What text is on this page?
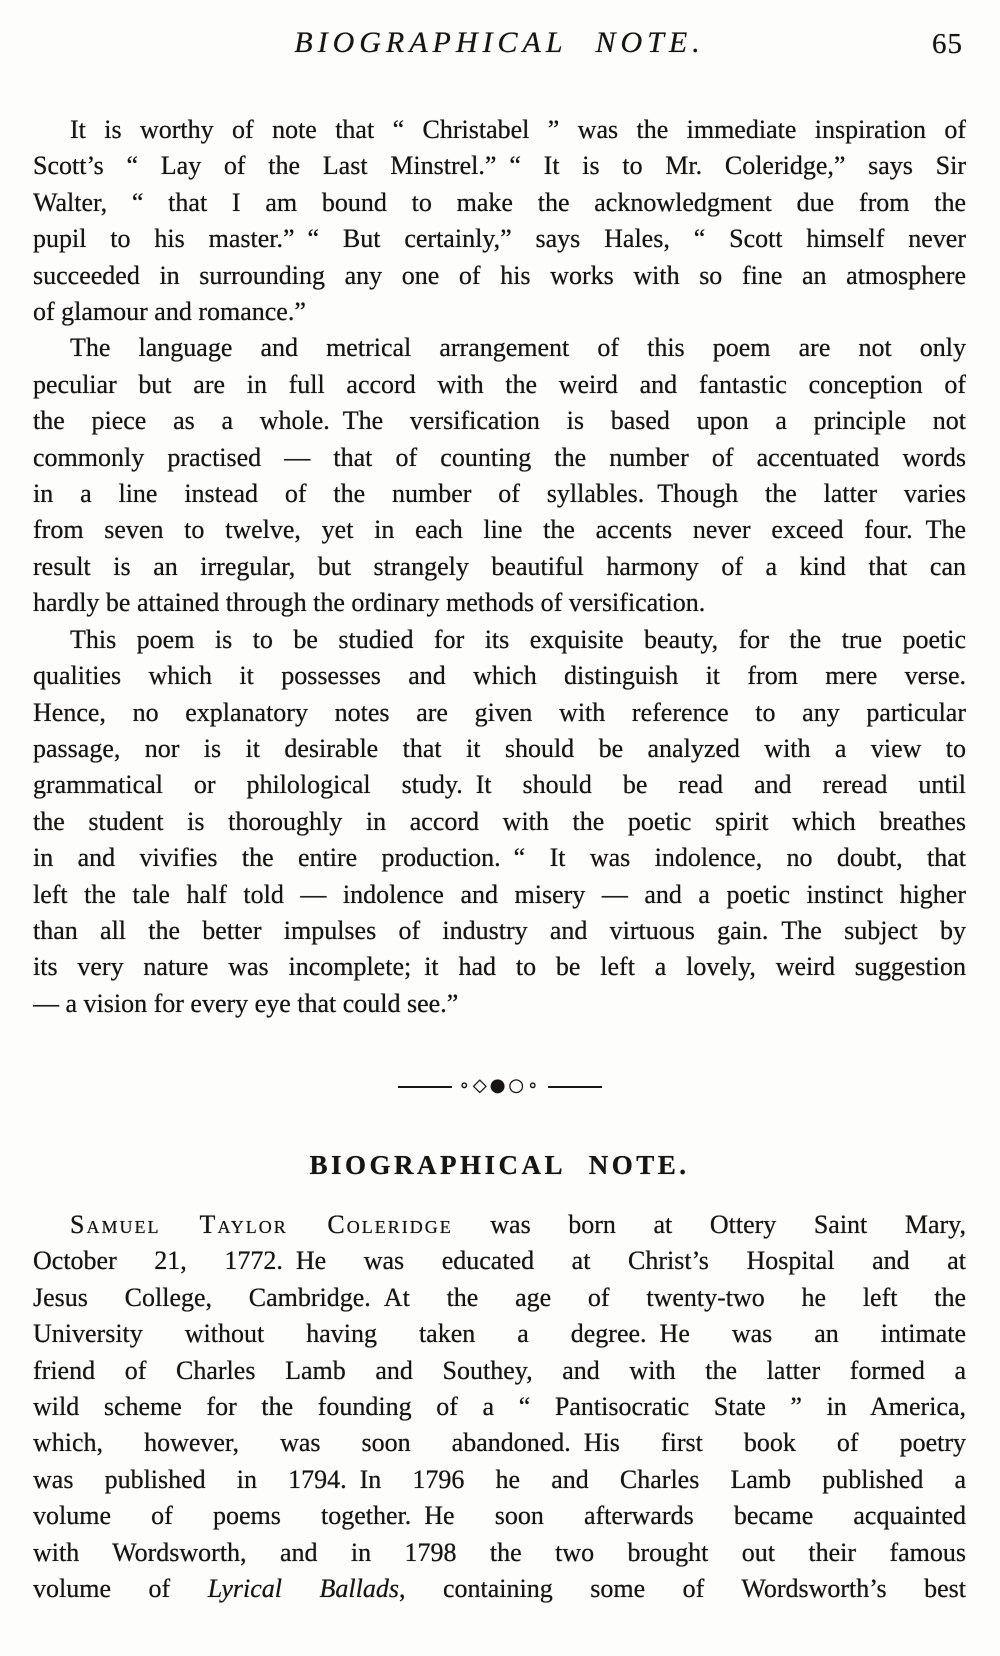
BIOGRAPHICAL NOTE.	65
It is worthy of note that “ Christabel ” was the immediate inspiration of
Scott’s “ Lay of the Last Minstrel.” “ It is to Mr. Coleridge,” says Sir
Walter, “ that I am bound to make the acknowledgment due from the
pupil to his master.” “ But certainly,” says Hales, “ Scott himself never
succeeded in surrounding any one of his works with so fine an atmosphere
of glamour and romance.”
The language and metrical arrangement of this poem are not only
peculiar but are in full accord with the weird and fantastic conception of
the piece as a whole. The versification is based upon a principle not
commonly practised — that of counting the number of accentuated words
in a line instead of the number of syllables. Though the latter varies
from seven to twelve, yet in each line the accents never exceed four. The
result is an irregular, but strangely beautiful harmony of a kind that can
hardly be attained through the ordinary methods of versification.
This poem is to be studied for its exquisite beauty, for the true poetic
qualities which it possesses and which distinguish it from mere verse.
Hence, no explanatory notes are given with reference to any particular
passage, nor is it desirable that it should be analyzed with a view to
grammatical or philological study. It should be read and reread until
the student is thoroughly in accord with the poetic spirit which breathes
in and vivifies the entire production. “ It was indolence, no doubt, that
left the tale half told — indolence and misery — and a poetic instinct higher
than all the better impulses of industry and virtuous gain. The subject by
its very nature was incomplete; it had to be left a lovely, weird suggestion
— a vision for every eye that could see.”
∘◇●○∘
BIOGRAPHICAL NOTE.
Samuel Taylor Coleridge was born at Ottery Saint Mary,
October 21, 1772. He was educated at Christ’s Hospital and at
Jesus College, Cambridge. At the age of twenty-two he left the
University without having taken a degree. He was an intimate
friend of Charles Lamb and Southey, and with the latter formed a
wild scheme for the founding of a “ Pantisocratic State ” in America,
which, however, was soon abandoned. His first book of poetry
was published in 1794. In 1796 he and Charles Lamb published a
volume of poems together. He soon afterwards became acquainted
with Wordsworth, and in 1798 the two brought out their famous
volume of Lyrical Ballads, containing some of Wordsworth’s best
